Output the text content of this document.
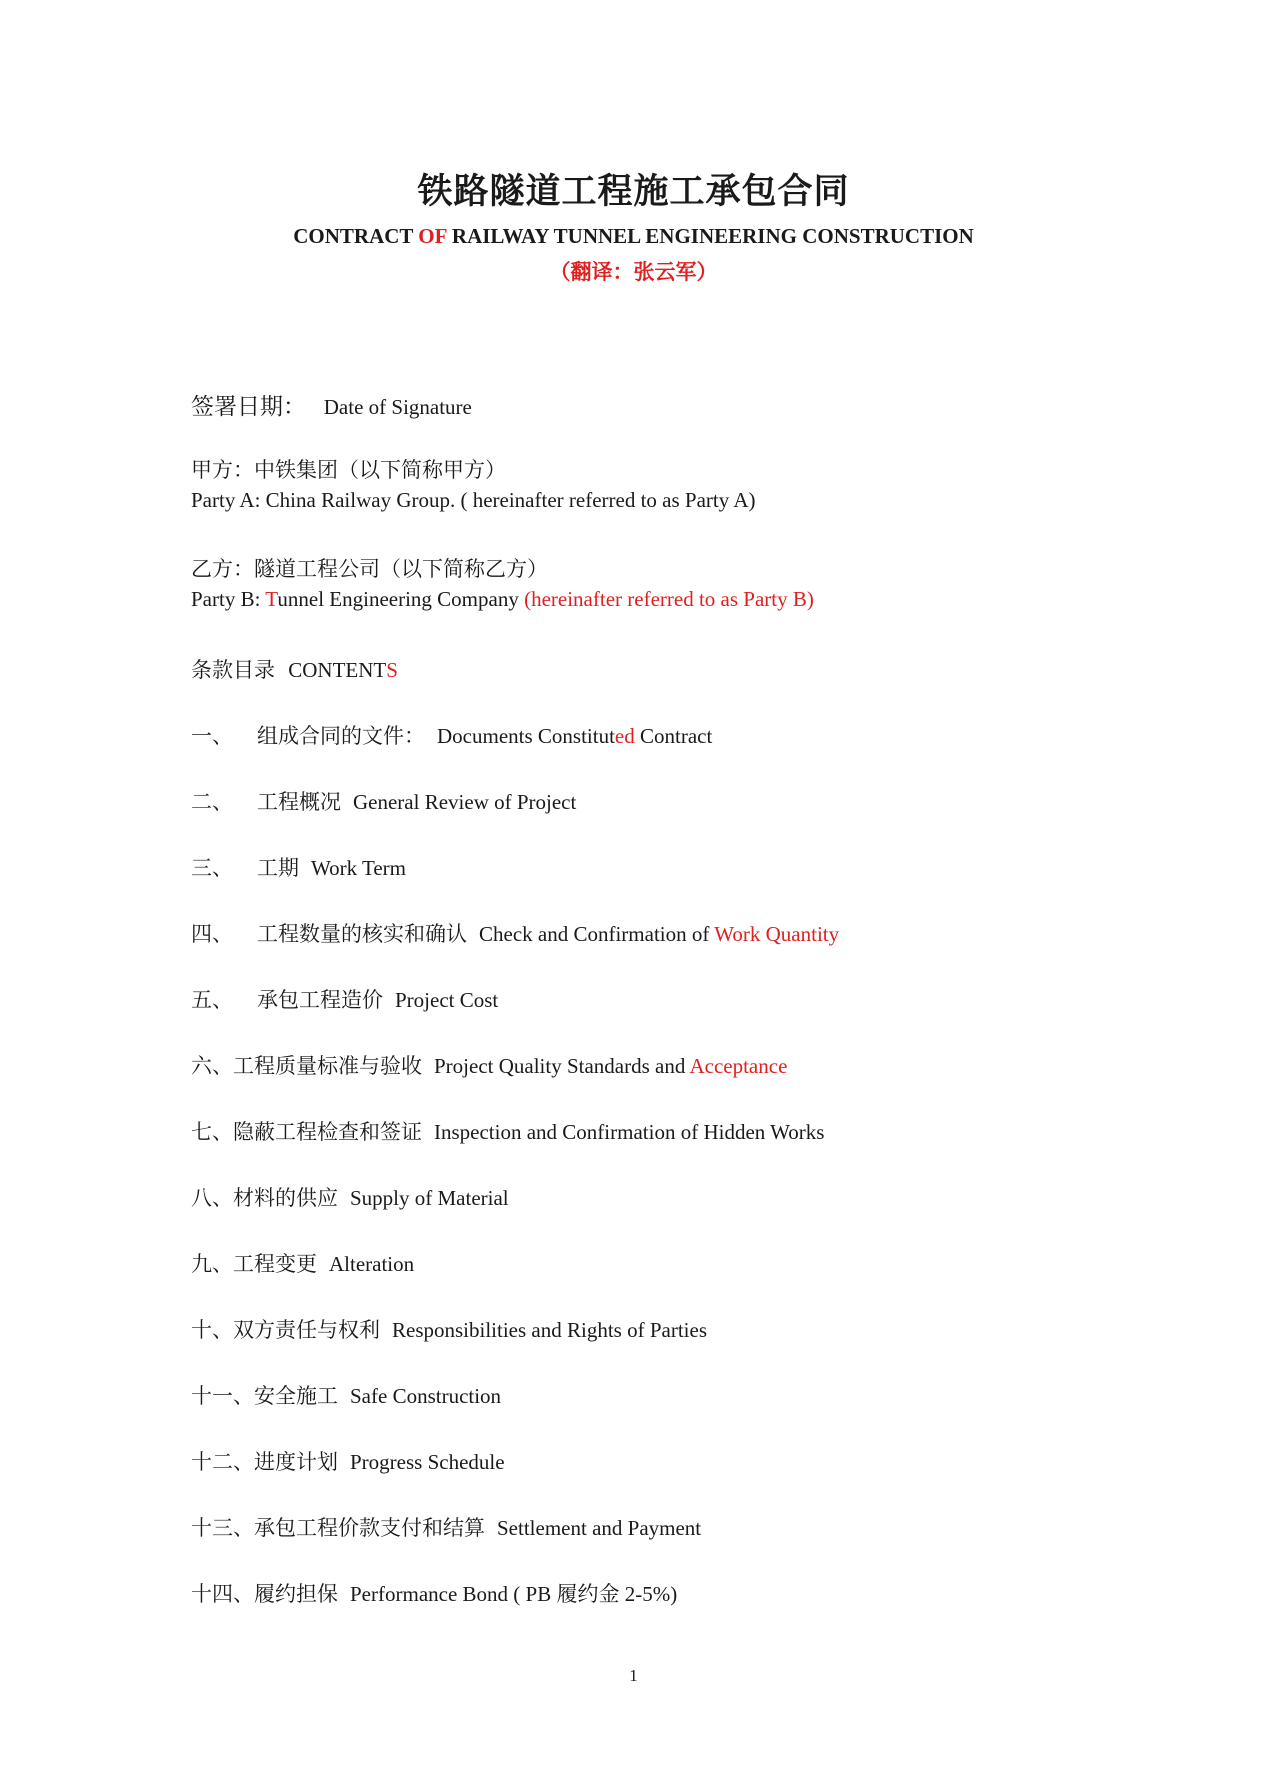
铁路隧道工程施工承包合同
CONTRACT OF RAILWAY TUNNEL ENGINEERING CONSTRUCTION
（翻译：张云军）
签署日期： Date of Signature
甲方：中铁集团（以下简称甲方）
Party A: China Railway Group. ( hereinafter referred to as Party A)
乙方：隧道工程公司（以下简称乙方）
Party B: Tunnel Engineering Company (hereinafter referred to as Party B)
条款目录 CONTENTS
一、 组成合同的文件： Documents Constituted Contract
二、 工程概况 General Review of Project
三、 工期 Work Term
四、 工程数量的核实和确认 Check and Confirmation of Work Quantity
五、 承包工程造价 Project Cost
六、工程质量标准与验收 Project Quality Standards and Acceptance
七、隐蔽工程检查和签证 Inspection and Confirmation of Hidden Works
八、材料的供应 Supply of Material
九、工程变更 Alteration
十、双方责任与权利 Responsibilities and Rights of Parties
十一、安全施工 Safe Construction
十二、进度计划 Progress Schedule
十三、承包工程价款支付和结算 Settlement and Payment
十四、履约担保 Performance Bond ( PB 履约金 2-5%)
1
